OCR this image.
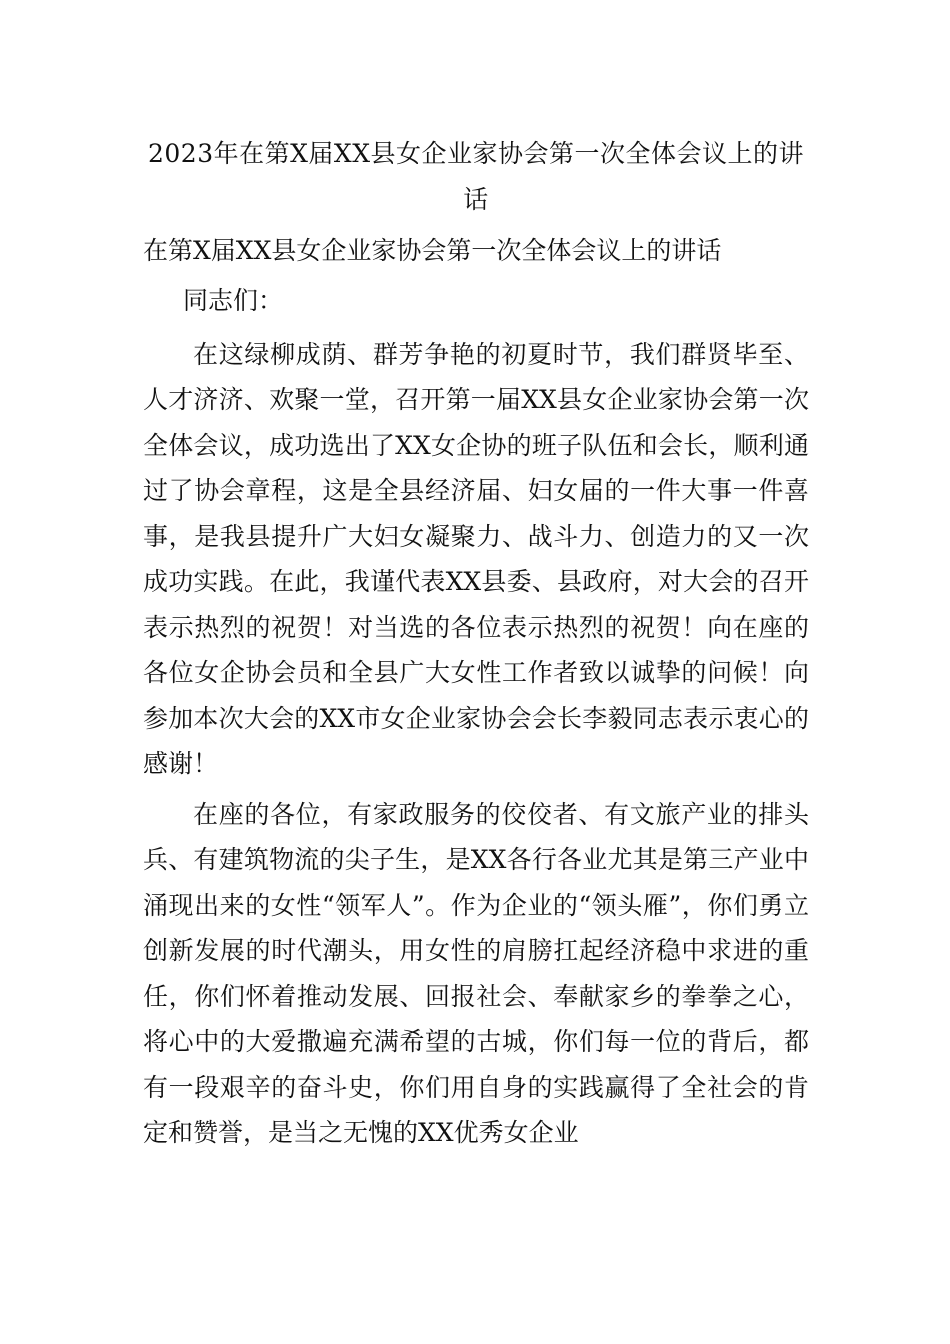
2023年在第X届XX县女企业家协会第一次全体会议上的讲话
在第X届XX县女企业家协会第一次全体会议上的讲话

同志们：

在这绿柳成荫、群芳争艳的初夏时节，我们群贤毕至、人才济济、欢聚一堂，召开第一届XX县女企业家协会第一次全体会议，成功选出了XX女企协的班子队伍和会长，顺利通过了协会章程，这是全县经济届、妇女届的一件大事一件喜事，是我县提升广大妇女凝聚力、战斗力、创造力的又一次成功实践。在此，我谨代表XX县委、县政府，对大会的召开表示热烈的祝贺！对当选的各位表示热烈的祝贺！向在座的各位女企协会员和全县广大女性工作者致以诚挚的问候！向参加本次大会的XX市女企业家协会会长李毅同志表示衷心的感谢！

在座的各位，有家政服务的佼佼者、有文旅产业的排头兵、有建筑物流的尖子生，是XX各行各业尤其是第三产业中涌现出来的女性“领军人”。作为企业的“领头雁”，你们勇立创新发展的时代潮头，用女性的肩膀扛起经济稳中求进的重任，你们怀着推动发展、回报社会、奉献家乡的拳拳之心，将心中的大爱撒遍充满希望的古城，你们每一位的背后，都有一段艰辛的奋斗史，你们用自身的实践赢得了全社会的肯定和赞誉，是当之无愧的XX优秀女企业
